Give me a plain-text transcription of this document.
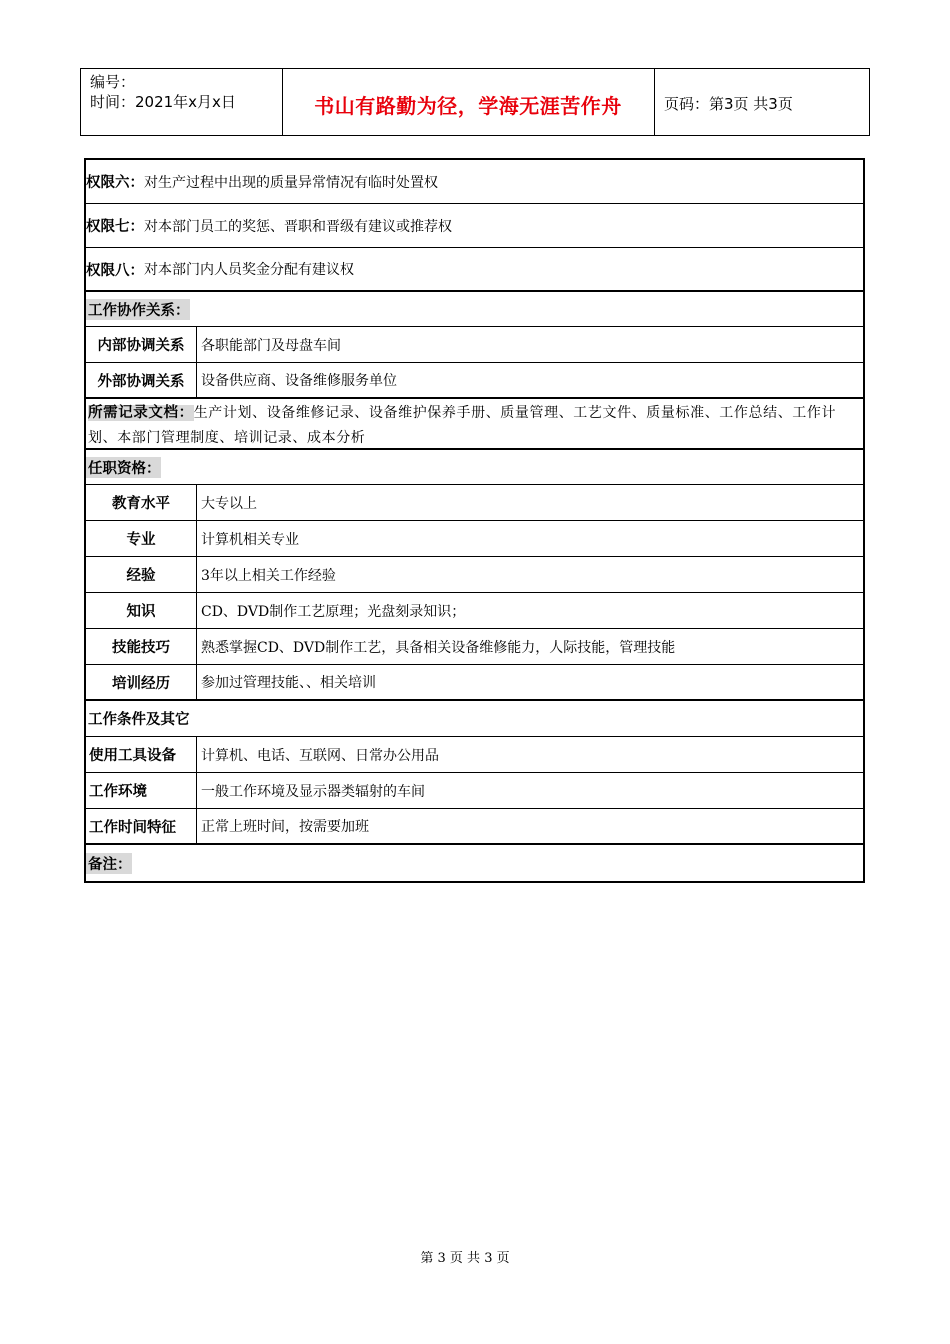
编号：
时间：2021年x月x日	书山有路勤为径，学海无涯苦作舟	页码：第3页 共3页
权限六： 对生产过程中出现的质量异常情况有临时处置权
权限七： 对本部门员工的奖惩、晋职和晋级有建议或推荐权
权限八： 对本部门内人员奖金分配有建议权
工作协作关系：
内部协调关系	各职能部门及母盘车间
外部协调关系	设备供应商、设备维修服务单位
所需记录文档：生产计划、设备维修记录、设备维护保养手册、质量管理、工艺文件、质量标准、工作总结、工作计划、本部门管理制度、培训记录、成本分析
任职资格：
教育水平	大专以上
专业	计算机相关专业
经验	3年以上相关工作经验
知识	CD、DVD制作工艺原理；光盘刻录知识；
技能技巧	熟悉掌握CD、DVD制作工艺，具备相关设备维修能力，人际技能，管理技能
培训经历	参加过管理技能、、相关培训
工作条件及其它
使用工具设备	计算机、电话、互联网、日常办公用品
工作环境	一般工作环境及显示器类辐射的车间
工作时间特征	正常上班时间，按需要加班
备注：
第 3 页 共 3 页
